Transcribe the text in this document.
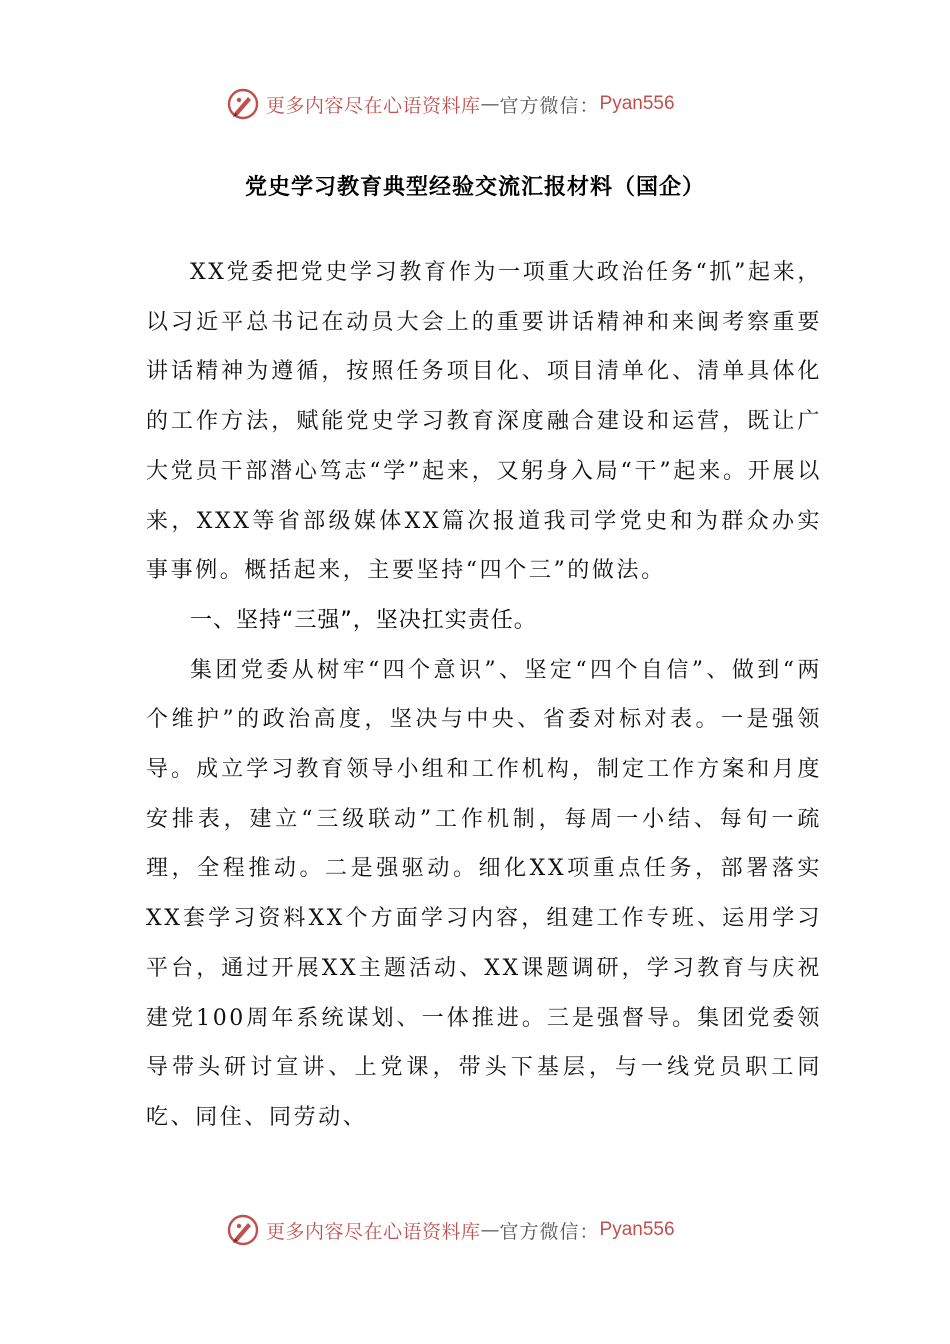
更多内容尽在心语资料库 — 官方微信： Pyan556
党史学习教育典型经验交流汇报材料（国企）

XX党委把党史学习教育作为一项重大政治任务“抓”起来，以习近平总书记在动员大会上的重要讲话精神和来闽考察重要讲话精神为遵循，按照任务项目化、项目清单化、清单具体化的工作方法，赋能党史学习教育深度融合建设和运营，既让广大党员干部潜心笃志“学”起来，又躬身入局“干”起来。开展以来，XXX等省部级媒体XX篇次报道我司学党史和为群众办实事事例。概括起来，主要坚持“四个三”的做法。

一、坚持“三强”，坚决扛实责任。

集团党委从树牢“四个意识”、坚定“四个自信”、做到“两个维护”的政治高度，坚决与中央、省委对标对表。一是强领导。成立学习教育领导小组和工作机构，制定工作方案和月度安排表，建立“三级联动”工作机制，每周一小结、每旬一疏理，全程推动。二是强驱动。细化XX项重点任务，部署落实XX套学习资料XX个方面学习内容，组建工作专班、运用学习平台，通过开展XX主题活动、XX课题调研，学习教育与庆祝建党100周年系统谋划、一体推进。三是强督导。集团党委领导带头研讨宣讲、上党课，带头下基层，与一线党员职工同吃、同住、同劳动、

更多内容尽在心语资料库 — 官方微信： Pyan556
